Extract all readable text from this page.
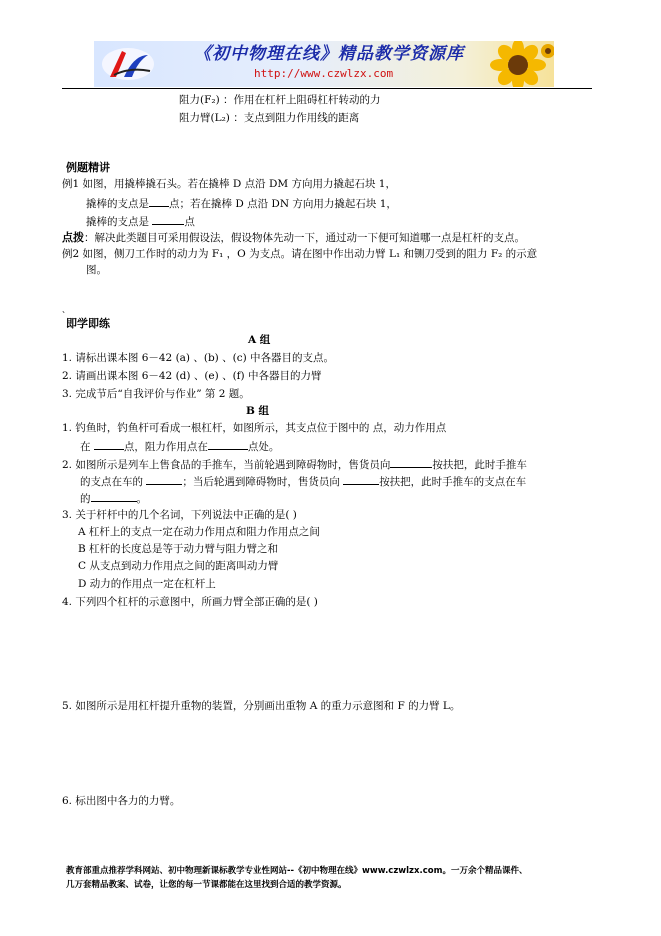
《初中物理在线》精品教学资源库
http://www.czwlzx.com
阻力(F₂) ：作用在杠杆上阻碍杠杆转动的力
阻力臂(L₂) ：支点到阻力作用线的距离
例题精讲
例1 如图，用撬棒撬石头。若在撬棒 D 点沿 DM 方向用力撬起石块 1，
撬棒的支点是 点；若在撬棒 D 点沿 DN 方向用力撬起石块 1，
撬棒的支点是	点
点拨：解决此类题目可采用假设法，假设物体先动一下，通过动一下便可知道哪一点是杠杆的支点。
例2 如图，侧刀工作时的动力为 F₁ ，O 为支点。请在图中作出动力臂 L₁ 和铡刀受到的阻力 F₂ 的示意
图。
、
即学即练
A 组
1. 请标出课本图 6－42 (a) 、(b) 、(c) 中各器目的支点。
2. 请画出课本图 6－42 (d) 、(e) 、(f) 中各器目的力臂
3. 完成节后“自我评价与作业” 第 2 题。
B 组
1. 钓鱼时，钓鱼杆可看成一根杠杆，如图所示，其支点位于图中的 点，动力作用点
在	点，阻力作用点在	点处。
2. 如图所示是列车上售食品的手推车，当前轮遇到障碍物时，售货员向	按扶把，此时手推车
的支点在车的	；当后轮遇到障碍物时，售货员向	按扶把，此时手推车的支点在车
的	。
3. 关于杆杆中的几个名词，下列说法中正确的是( )
A 杠杆上的支点一定在动力作用点和阻力作用点之间
B 杠杆的长度总是等于动力臂与阻力臂之和
C 从支点到动力作用点之间的距离叫动力臂
D 动力的作用点一定在杠杆上
4. 下列四个杠杆的示意图中，所画力臂全部正确的是( )
5. 如图所示是用杠杆提升重物的装置，分别画出重物 A 的重力示意图和 F 的力臂 L。
6. 标出图中各力的力臂。
教育部重点推荐学科网站、初中物理新课标教学专业性网站--《初中物理在线》www.czwlzx.com。一万余个精品课件、
几万套精品教案、试卷，让您的每一节课都能在这里找到合适的教学资源。
